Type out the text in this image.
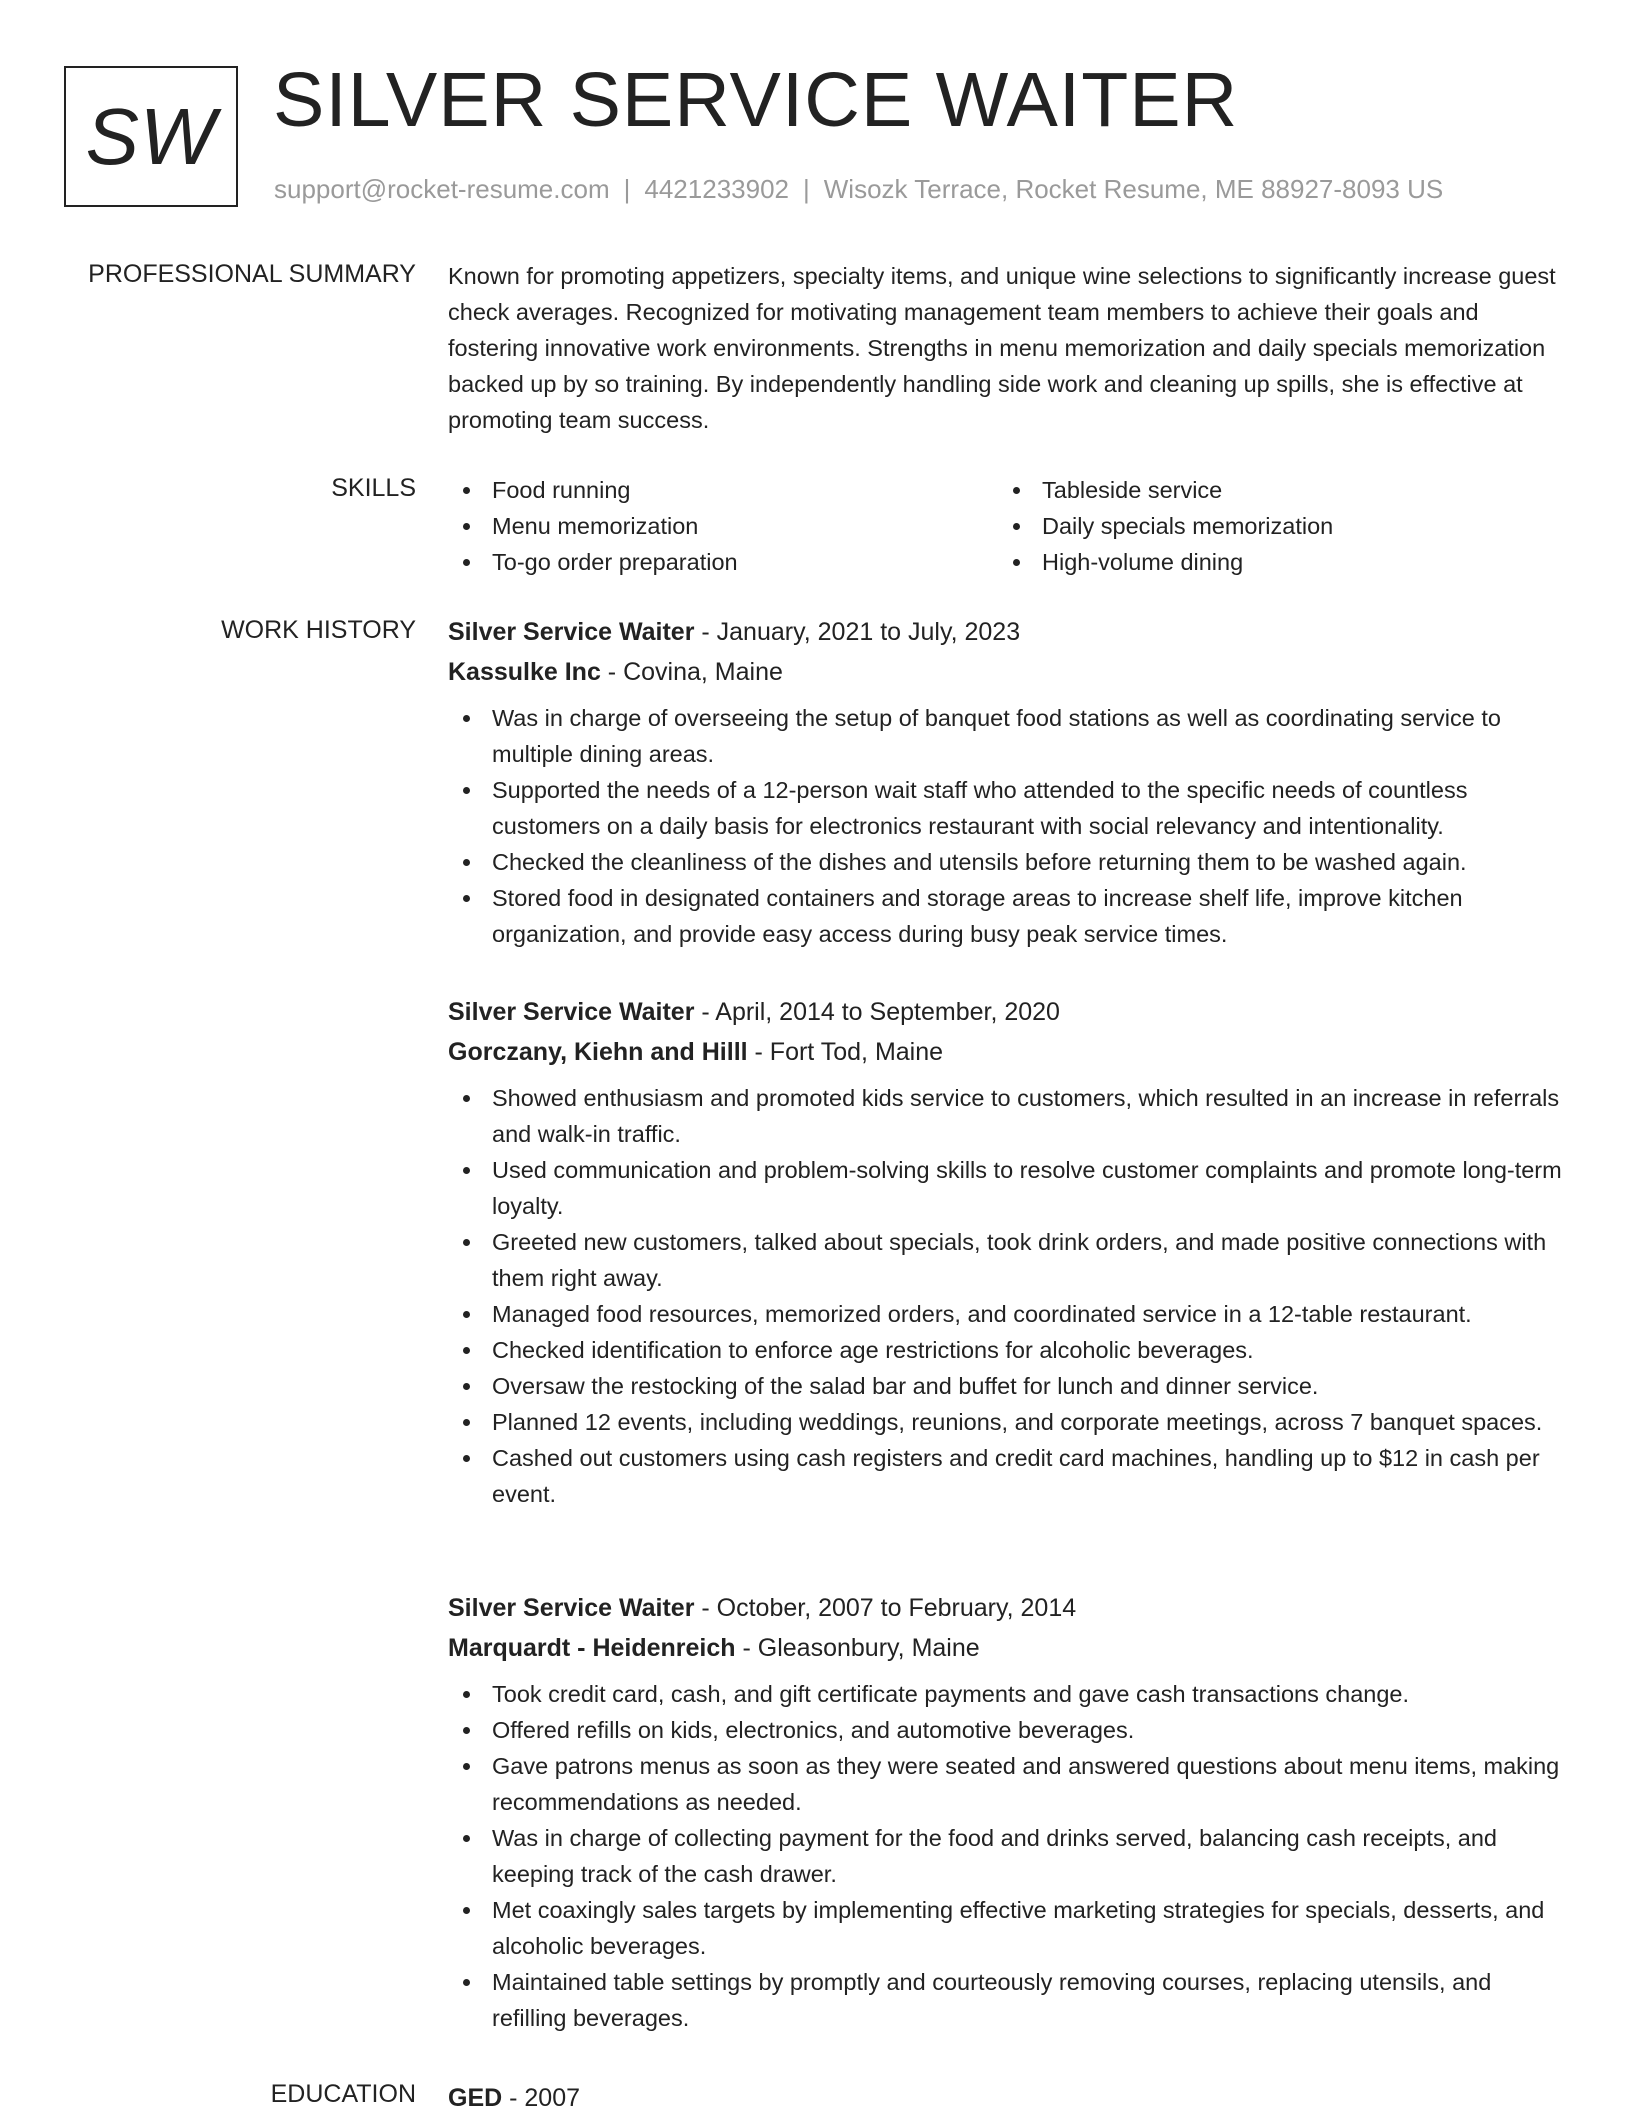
SW SILVER SERVICE WAITER
support@rocket-resume.com | 4421233902 | Wisozk Terrace, Rocket Resume, ME 88927-8093 US
PROFESSIONAL SUMMARY Known for promoting appetizers, specialty items, and unique wine selections to significantly increase guest check averages. Recognized for motivating management team members to achieve their goals and fostering innovative work environments. Strengths in menu memorization and daily specials memorization backed up by so training. By independently handling side work and cleaning up spills, she is effective at promoting team success.

SKILLS	Food running
Menu memorization
To-go order preparation
Tableside service
Daily specials memorization
High-volume dining
WORK HISTORY Silver Service Waiter - January, 2021 to July, 2023
Kassulke Inc - Covina, Maine
Was in charge of overseeing the setup of banquet food stations as well as coordinating service to multiple dining areas.
Supported the needs of a 12-person wait staff who attended to the specific needs of countless customers on a daily basis for electronics restaurant with social relevancy and intentionality.
Checked the cleanliness of the dishes and utensils before returning them to be washed again.
Stored food in designated containers and storage areas to increase shelf life, improve kitchen organization, and provide easy access during busy peak service times.
Silver Service Waiter - April, 2014 to September, 2020
Gorczany, Kiehn and Hilll - Fort Tod, Maine
Showed enthusiasm and promoted kids service to customers, which resulted in an increase in referrals and walk-in traffic.
Used communication and problem-solving skills to resolve customer complaints and promote long-term loyalty.
Greeted new customers, talked about specials, took drink orders, and made positive connections with them right away.
Managed food resources, memorized orders, and coordinated service in a 12-table restaurant.
Checked identification to enforce age restrictions for alcoholic beverages.
Oversaw the restocking of the salad bar and buffet for lunch and dinner service.
Planned 12 events, including weddings, reunions, and corporate meetings, across 7 banquet spaces.
Cashed out customers using cash registers and credit card machines, handling up to $12 in cash per event.
Silver Service Waiter - October, 2007 to February, 2014
Marquardt - Heidenreich - Gleasonbury, Maine
Took credit card, cash, and gift certificate payments and gave cash transactions change.
Offered refills on kids, electronics, and automotive beverages.
Gave patrons menus as soon as they were seated and answered questions about menu items, making recommendations as needed.
Was in charge of collecting payment for the food and drinks served, balancing cash receipts, and keeping track of the cash drawer.
Met coaxingly sales targets by implementing effective marketing strategies for specials, desserts, and alcoholic beverages.
Maintained table settings by promptly and courteously removing courses, replacing utensils, and refilling beverages.
EDUCATION GED - 2007
